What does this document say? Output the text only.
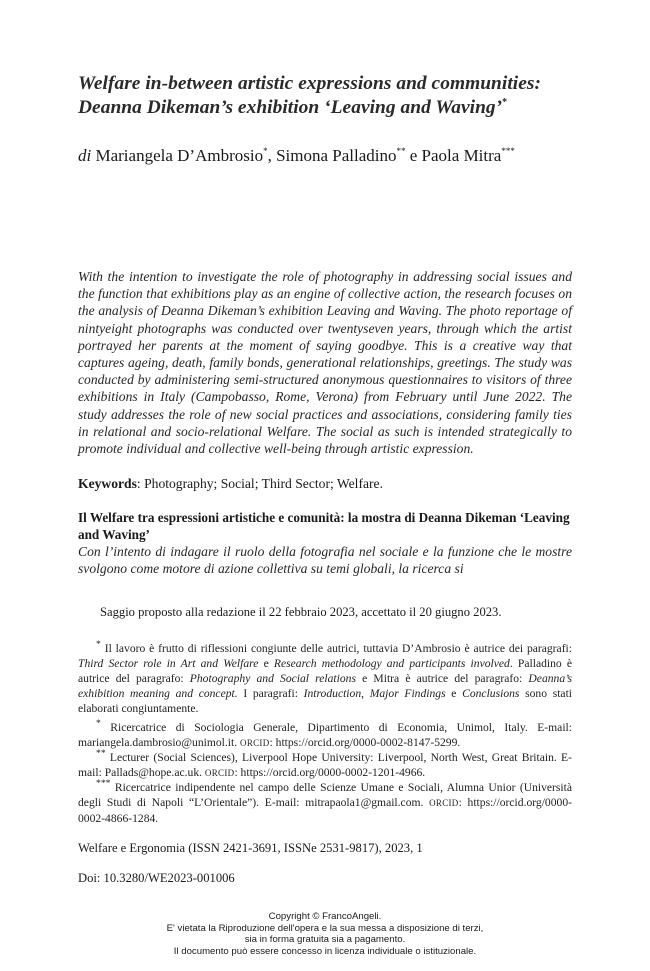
Welfare in-between artistic expressions and communities:
Deanna Dikeman’s exhibition ‘Leaving and Waving’*

di Mariangela D’Ambrosio*, Simona Palladino** e Paola Mitra***

With the intention to investigate the role of photography in addressing social issues and the function that exhibitions play as an engine of collective action, the research focuses on the analysis of Deanna Dikeman’s exhibition Leaving and Waving. The photo reportage of nintyeight photographs was conducted over twentyseven years, through which the artist portrayed her parents at the moment of saying goodbye. This is a creative way that captures ageing, death, family bonds, generational relationships, greetings. The study was conducted by administering semi-structured anonymous questionnaires to visitors of three exhibitions in Italy (Campobasso, Rome, Verona) from February until June 2022. The study addresses the role of new social practices and associations, considering family ties in relational and socio-relational Welfare. The social as such is intended strategically to promote individual and collective well-being through artistic expression.

Keywords: Photography; Social; Third Sector; Welfare.

Il Welfare tra espressioni artistiche e comunità: la mostra di Deanna Dikeman ‘Leaving and Waving’

Con l’intento di indagare il ruolo della fotografia nel sociale e la funzione che le mostre svolgono come motore di azione collettiva su temi globali, la ricerca si

Saggio proposto alla redazione il 22 febbraio 2023, accettato il 20 giugno 2023.

* Il lavoro è frutto di riflessioni congiunte delle autrici, tuttavia D’Ambrosio è autrice dei paragrafi: Third Sector role in Art and Welfare e Research methodology and participants involved. Palladino è autrice del paragrafo: Photography and Social relations e Mitra è autrice del paragrafo: Deanna’s exhibition meaning and concept. I paragrafi: Introduction, Major Findings e Conclusions sono stati elaborati congiuntamente.

* Ricercatrice di Sociologia Generale, Dipartimento di Economia, Unimol, Italy. E-mail: mariangela.dambrosio@unimol.it. ORCID: https://orcid.org/0000-0002-8147-5299.

** Lecturer (Social Sciences), Liverpool Hope University: Liverpool, North West, Great Britain. E-mail: Pallads@hope.ac.uk. ORCID: https://orcid.org/0000-0002-1201-4966.

*** Ricercatrice indipendente nel campo delle Scienze Umane e Sociali, Alumna Unior (Università degli Studi di Napoli “L’Orientale”). E-mail: mitrapaola1@gmail.com. ORCID: https://orcid.org/0000-0002-4866-1284.

Welfare e Ergonomia (ISSN 2421-3691, ISSNe 2531-9817), 2023, 1

Doi: 10.3280/WE2023-001006

Copyright © FrancoAngeli.
E' vietata la Riproduzione dell'opera e la sua messa a disposizione di terzi,
sia in forma gratuita sia a pagamento.
Il documento può essere concesso in licenza individuale o istituzionale.
